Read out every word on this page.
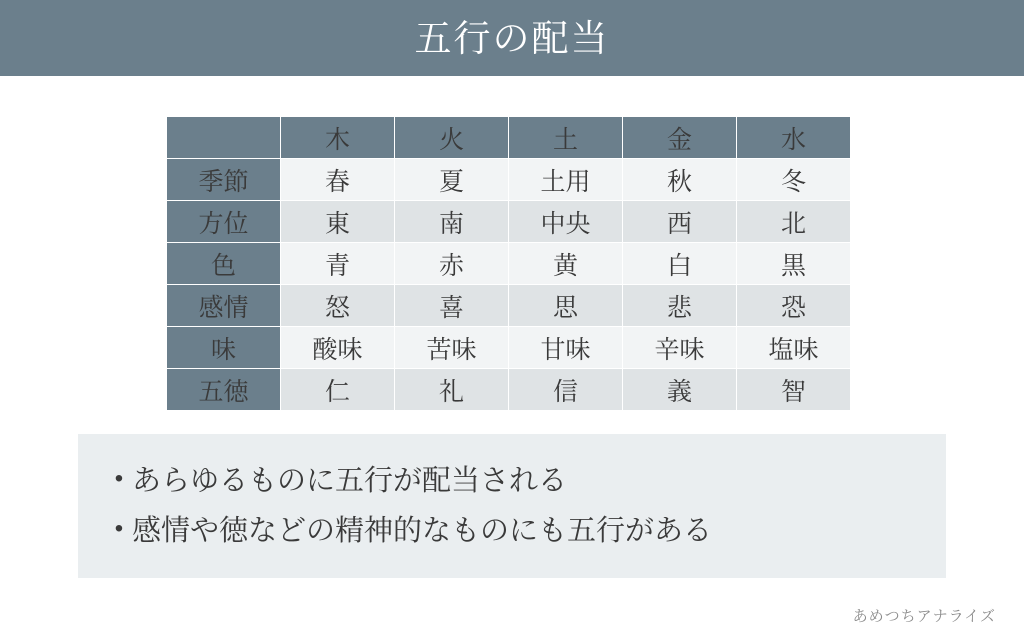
五行の配当
	木	火	土	金	水
季節	春	夏	土用	秋	冬
方位	東	南	中央	西	北
色	青	赤	黄	白	黒
感情	怒	喜	思	悲	恐
味	酸味	苦味	甘味	辛味	塩味
五徳	仁	礼	信	義	智
• あらゆるものに五行が配当される
• 感情や徳などの精神的なものにも五行がある
あめつちアナライズ
